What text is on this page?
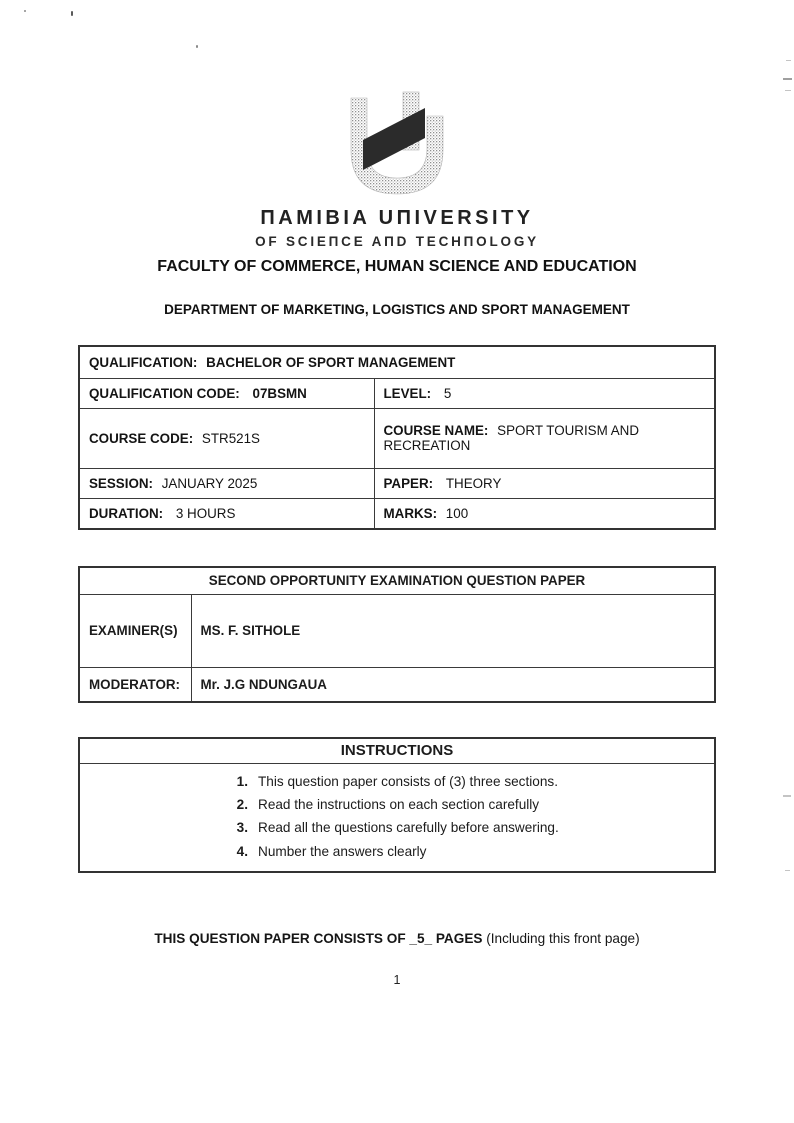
ПAMIBIA UПIVERSITY
OF SCIEПCE AПD TECHПOLOGY
FACULTY OF COMMERCE, HUMAN SCIENCE AND EDUCATION
DEPARTMENT OF MARKETING, LOGISTICS AND SPORT MANAGEMENT
QUALIFICATION: BACHELOR OF SPORT MANAGEMENT	
QUALIFICATION CODE: 07BSMN	LEVEL: 5
COURSE CODE: STR521S	COURSE NAME: SPORT TOURISM AND RECREATION
SESSION: JANUARY 2025	PAPER: THEORY
DURATION: 3 HOURS	MARKS: 100
SECOND OPPORTUNITY EXAMINATION QUESTION PAPER	
EXAMINER(S)	MS. F. SITHOLE
MODERATOR:	Mr. J.G NDUNGAUA
INSTRUCTIONS

1. This question paper consists of (3) three sections.
2. Read the instructions on each section carefully
3. Read all the questions carefully before answering.
4. Number the answers clearly
THIS QUESTION PAPER CONSISTS OF _5_ PAGES (Including this front page)
1
